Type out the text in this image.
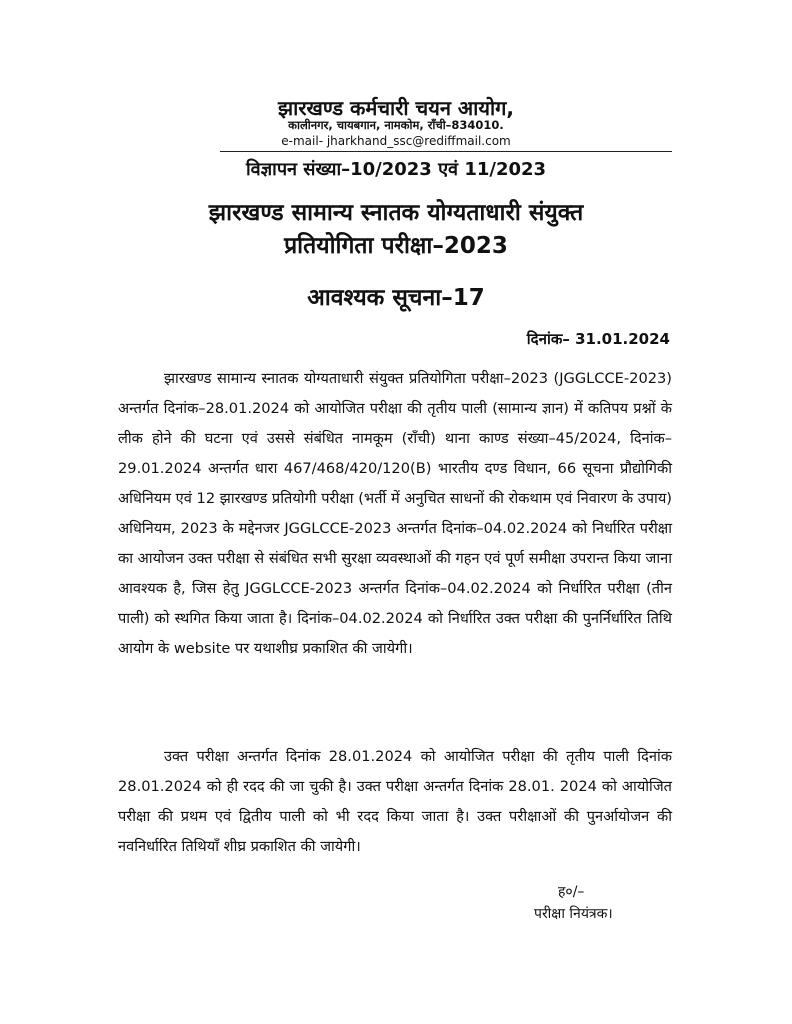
झारखण्ड कर्मचारी चयन आयोग,
कालीनगर, चायबगान, नामकोम, राँची–834010.
e-mail- jharkhand_ssc@rediffmail.com
विज्ञापन संख्या–10/2023 एवं 11/2023
झारखण्ड सामान्य स्नातक योग्यताधारी संयुक्त
प्रतियोगिता परीक्षा–2023
आवश्यक सूचना–17
दिनांक– 31.01.2024

झारखण्ड सामान्य स्नातक योग्यताधारी संयुक्त प्रतियोगिता परीक्षा–2023 (JGGLCCE-2023) अन्तर्गत दिनांक–28.01.2024 को आयोजित परीक्षा की तृतीय पाली (सामान्य ज्ञान) में कतिपय प्रश्नों के लीक होने की घटना एवं उससे संबंधित नामकूम (राँची) थाना काण्ड संख्या–45/2024, दिनांक–29.01.2024 अन्तर्गत धारा 467/468/420/120(B) भारतीय दण्ड विधान, 66 सूचना प्रौद्योगिकी अधिनियम एवं 12 झारखण्ड प्रतियोगी परीक्षा (भर्ती में अनुचित साधनों की रोकथाम एवं निवारण के उपाय) अधिनियम, 2023 के मद्देनजर JGGLCCE-2023 अन्तर्गत दिनांक–04.02.2024 को निर्धारित परीक्षा का आयोजन उक्त परीक्षा से संबंधित सभी सुरक्षा व्यवस्थाओं की गहन एवं पूर्ण समीक्षा उपरान्त किया जाना आवश्यक है, जिस हेतु JGGLCCE-2023 अन्तर्गत दिनांक–04.02.2024 को निर्धारित परीक्षा (तीन पाली) को स्थगित किया जाता है। दिनांक–04.02.2024 को निर्धारित उक्त परीक्षा की पुनर्निर्धारित तिथि आयोग के website पर यथाशीघ्र प्रकाशित की जायेगी।

उक्त परीक्षा अन्तर्गत दिनांक 28.01.2024 को आयोजित परीक्षा की तृतीय पाली दिनांक 28.01.2024 को ही रदद की जा चुकी है। उक्त परीक्षा अन्तर्गत दिनांक 28.01. 2024 को आयोजित परीक्षा की प्रथम एवं द्वितीय पाली को भी रदद किया जाता है। उक्त परीक्षाओं की पुनर्आयोजन की नवनिर्धारित तिथियाँ शीघ्र प्रकाशित की जायेगी।

ह०/–
परीक्षा नियंत्रक।
